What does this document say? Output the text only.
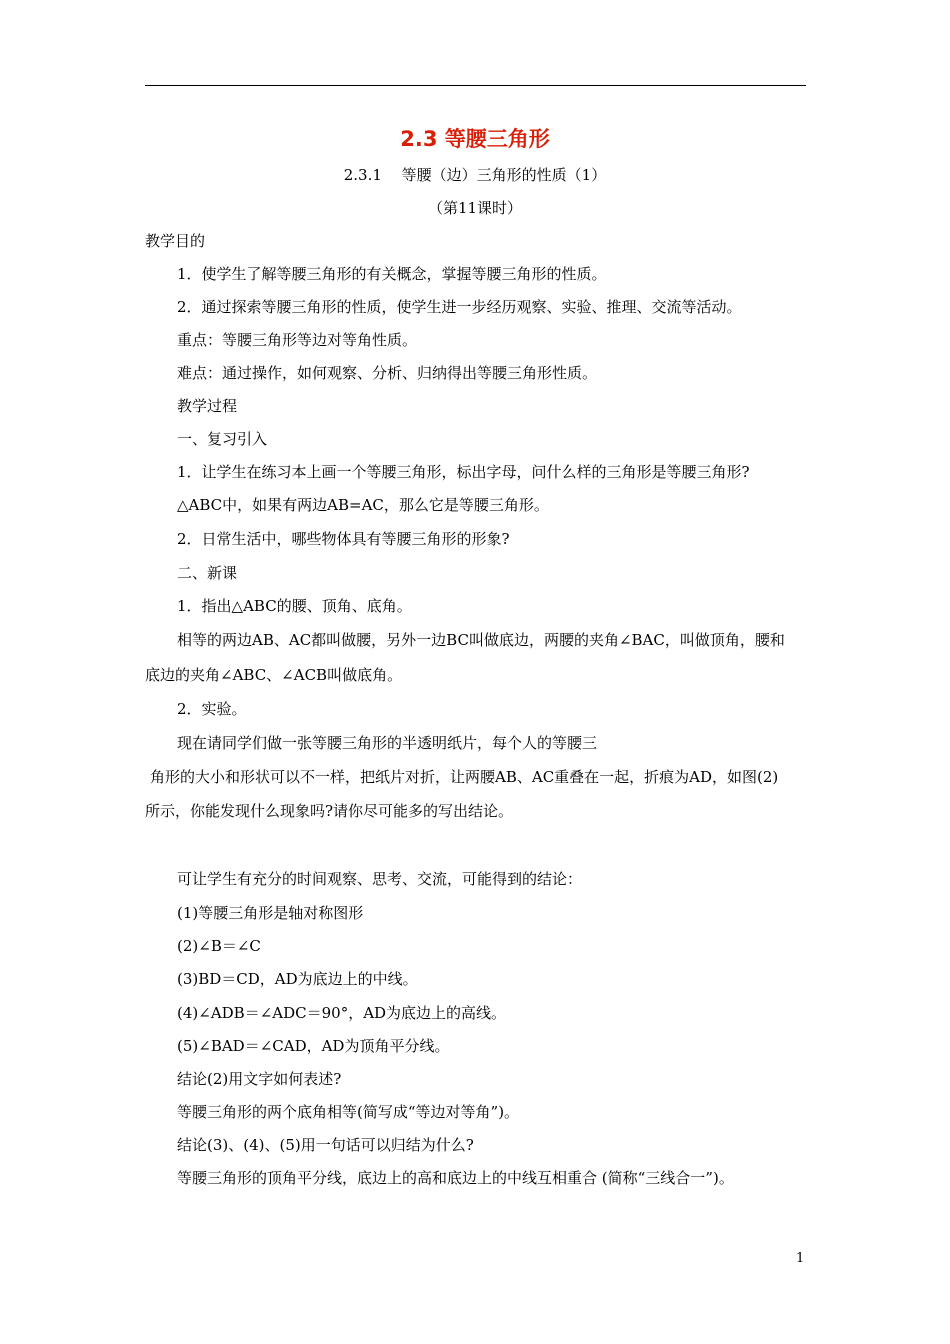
2.3 等腰三角形
2.3.1　 等腰（边）三角形的性质（1）
（第11课时）
教学目的
1．使学生了解等腰三角形的有关概念，掌握等腰三角形的性质。
2．通过探索等腰三角形的性质，使学生进一步经历观察、实验、推理、交流等活动。
重点：等腰三角形等边对等角性质。
难点：通过操作，如何观察、分析、归纳得出等腰三角形性质。
教学过程
一、复习引入
1．让学生在练习本上画一个等腰三角形，标出字母，问什么样的三角形是等腰三角形?
△ABC中，如果有两边AB=AC，那么它是等腰三角形。
2．日常生活中，哪些物体具有等腰三角形的形象?
二、新课
1．指出△ABC的腰、顶角、底角。
相等的两边AB、AC都叫做腰，另外一边BC叫做底边，两腰的夹角∠BAC，叫做顶角，腰和
底边的夹角∠ABC、∠ACB叫做底角。
2．实验。
现在请同学们做一张等腰三角形的半透明纸片，每个人的等腰三
角形的大小和形状可以不一样，把纸片对折，让两腰AB、AC重叠在一起，折痕为AD，如图(2)
所示，你能发现什么现象吗?请你尽可能多的写出结论。
可让学生有充分的时间观察、思考、交流，可能得到的结论：
(1)等腰三角形是轴对称图形
(2)∠B＝∠C
(3)BD＝CD，AD为底边上的中线。
(4)∠ADB＝∠ADC＝90°，AD为底边上的高线。
(5)∠BAD＝∠CAD，AD为顶角平分线。
结论(2)用文字如何表述?
等腰三角形的两个底角相等(简写成“等边对等角”)。
结论(3)、(4)、(5)用一句话可以归结为什么?
等腰三角形的顶角平分线，底边上的高和底边上的中线互相重合 (简称“三线合一”)。
1
